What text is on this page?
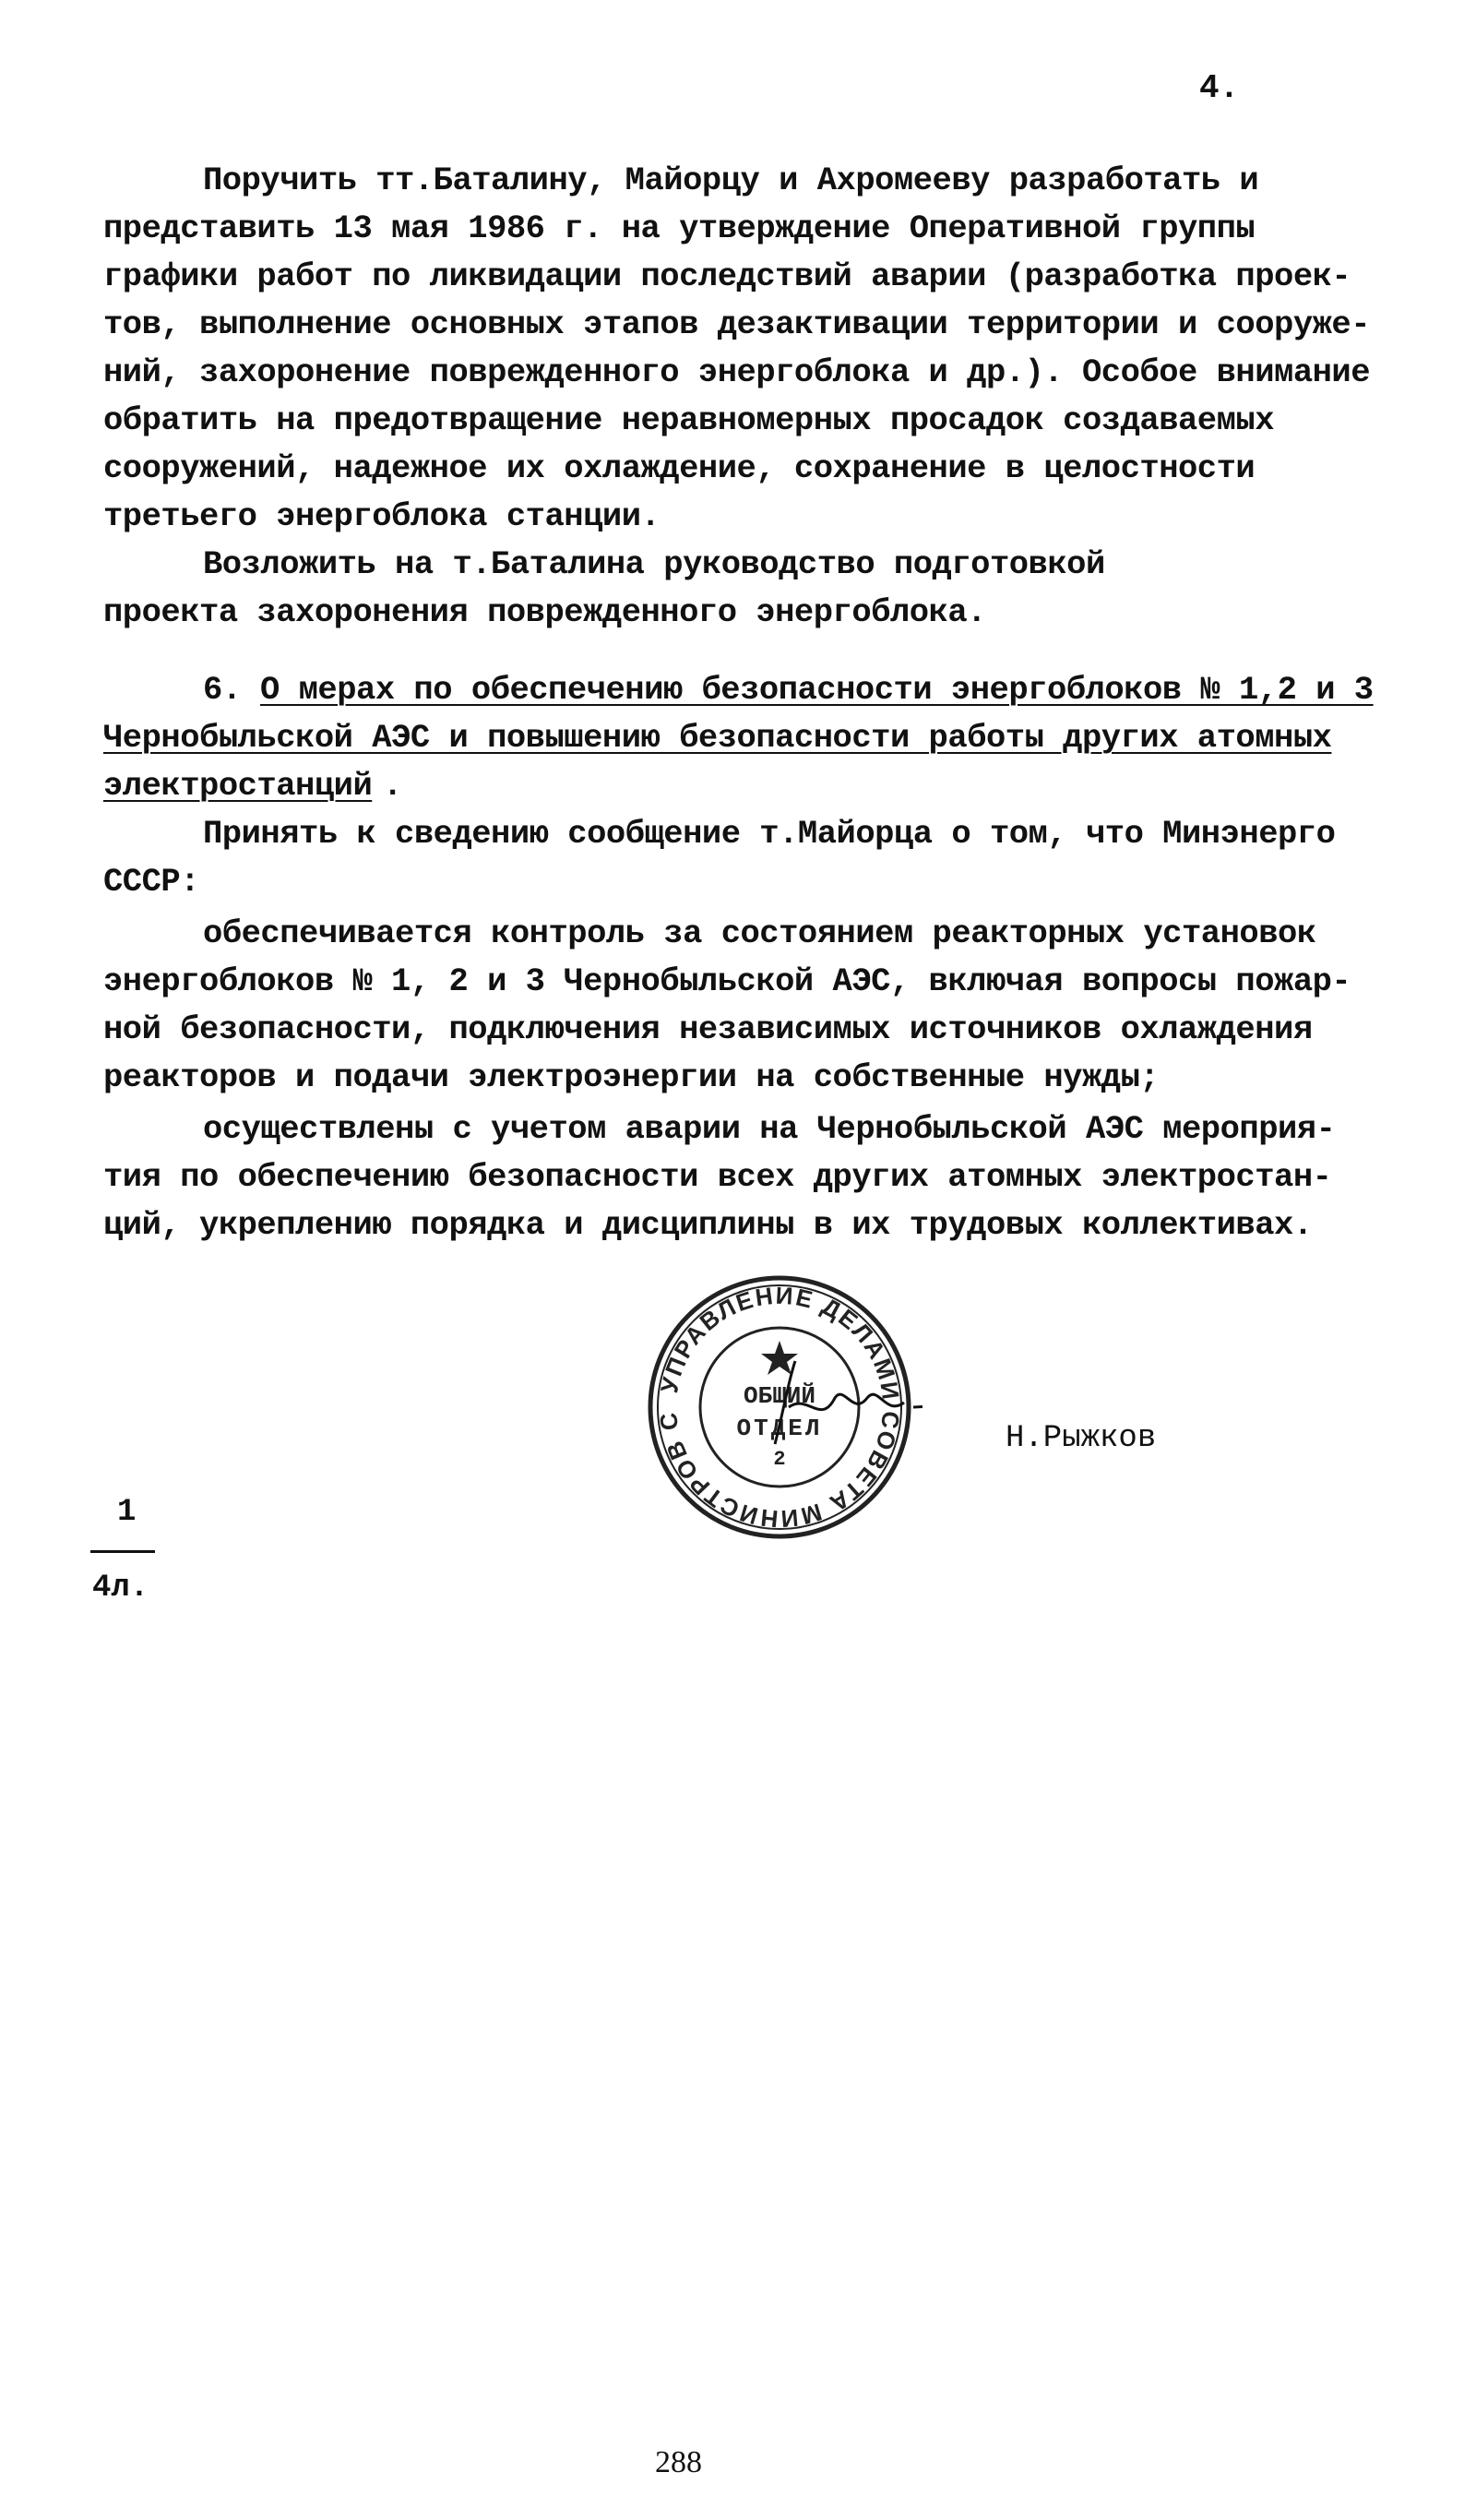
4.
Поручить тт.Баталину, Майорцу и Ахромееву разработать и
представить 13 мая 1986 г. на утверждение Оперативной группы
графики работ по ликвидации последствий аварии (разработка проек-
тов, выполнение основных этапов дезактивации территории и сооруже-
ний, захоронение поврежденного энергоблока и др.). Особое внимание
обратить на предотвращение неравномерных просадок создаваемых
сооружений, надежное их охлаждение, сохранение в целостности
третьего энергоблока станции.
Возложить на т.Баталина руководство подготовкой
проекта захоронения поврежденного энергоблока.
6. О мерах по обеспечению безопасности энергоблоков № 1,2 и 3
Чернобыльской АЭС и повышению безопасности работы другиx атомных
электростанций .
Принять к сведению сообщение т.Майорца о том, что Минэнерго
СССР:
обеспечивается контроль за состоянием реакторных установок
энергоблоков № 1, 2 и 3 Чернобыльской АЭС, включая вопросы пожар-
ной безопасности, подключения независимых источников охлаждения
реакторов и подачи электроэнергии на собственные нужды;
осуществлены с учетом аварии на Чернобыльской АЭС мероприя-
тия по обеспечению безопасности всех других атомных электростан-
ций, укреплению порядка и дисциплины в их трудовых коллективах.
УПРАВЛЕНИЕ ДЕЛАМИ СОВЕТА МИНИСТРОВ С
ОБЩИЙ
ОТДЕЛ
2
Н.Рыжков
1
4л.
288
